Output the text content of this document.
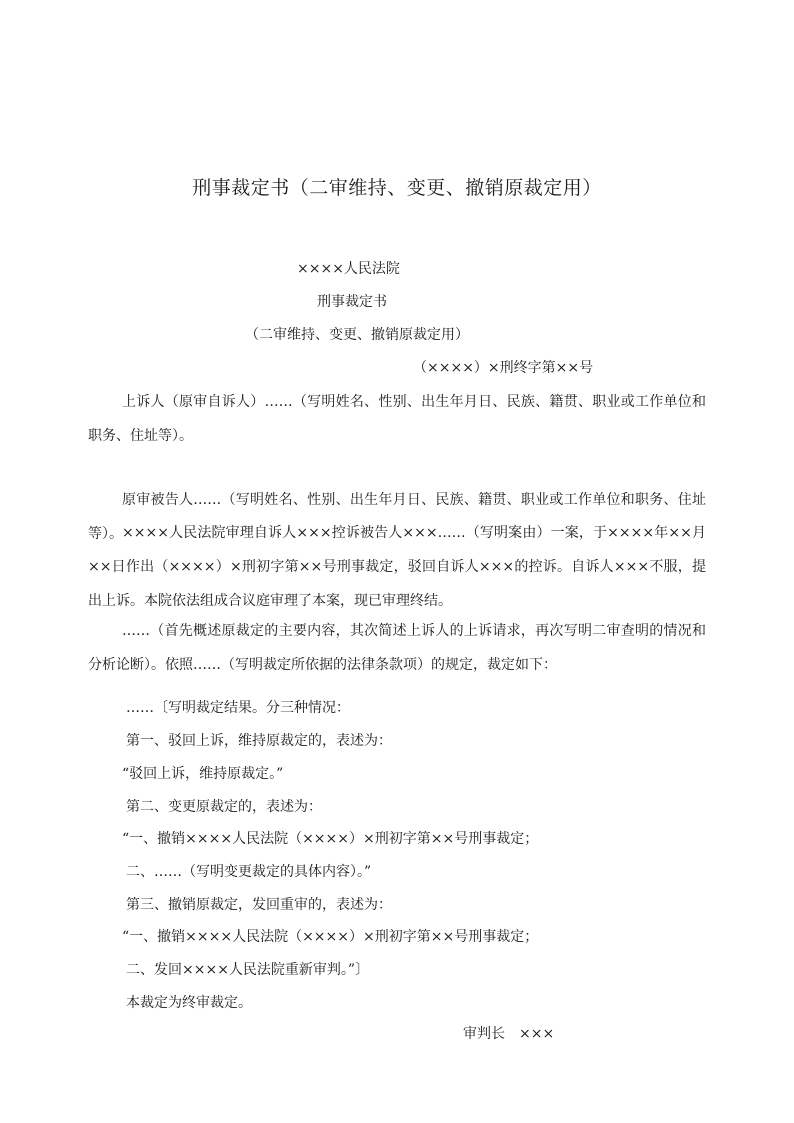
刑事裁定书（二审维持、变更、撤销原裁定用）
××××人民法院
刑事裁定书
（二审维持、变更、撤销原裁定用）
（××××）×刑终字第××号
上诉人（原审自诉人）……（写明姓名、性别、出生年月日、民族、籍贯、职业或工作单位和职务、住址等）。
原审被告人……（写明姓名、性别、出生年月日、民族、籍贯、职业或工作单位和职务、住址等）。 ××××人民法院审理自诉人×××控诉被告人×××……（写明案由）一案，于××××年××月××日作出（××××）×刑初字第××号刑事裁定，驳回自诉人×××的控诉。自诉人×××不服，提出上诉。本院依法组成合议庭审理了本案，现已审理终结。
……（首先概述原裁定的主要内容，其次简述上诉人的上诉请求，再次写明二审查明的情况和分析论断）。依照……（写明裁定所依据的法律条款项）的规定，裁定如下：
……〔写明裁定结果。分三种情况：
第一、驳回上诉，维持原裁定的，表述为：
“驳回上诉，维持原裁定。”
第二、变更原裁定的，表述为：
“一、撤销××××人民法院（××××）×刑初字第××号刑事裁定；
二、……（写明变更裁定的具体内容）。”
第三、撤销原裁定，发回重审的，表述为：
“一、撤销××××人民法院（××××）×刑初字第××号刑事裁定；
二、发回××××人民法院重新审判。”〕
本裁定为终审裁定。
审判长 ×××
